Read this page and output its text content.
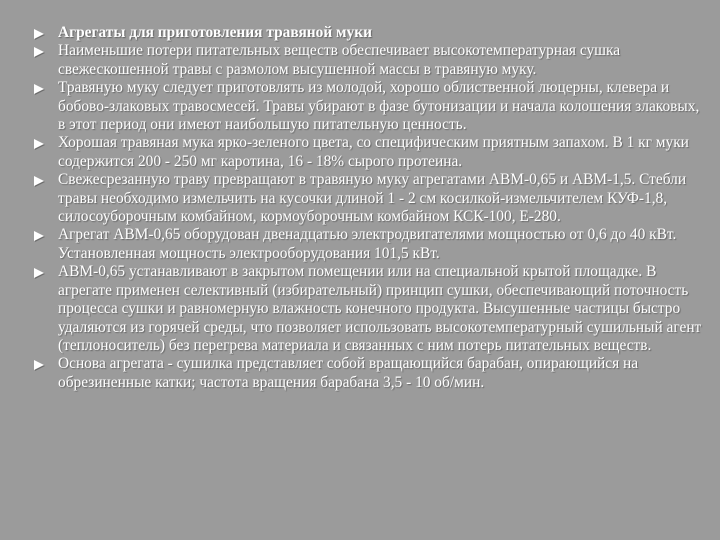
Агрегаты для приготовления травяной муки
Наименьшие потери питательных веществ обеспечивает высокотемпературная сушка свежескошенной травы с размолом высушенной массы в травяную муку.
Травяную муку следует приготовлять из молодой, хорошо облиственной люцерны, клевера и бобово-злаковых травосмесей. Травы убирают в фазе бутонизации и начала колошения злаковых, в этот период они имеют наибольшую питательную ценность.
Хорошая травяная мука ярко-зеленого цвета, со специфическим приятным запахом. В 1 кг муки содержится 200 - 250 мг каротина, 16 - 18% сырого протеина.
Свежесрезанную траву превращают в травяную муку агрегатами АВМ-0,65 и АВМ-1,5. Стебли травы необходимо измельчить на кусочки длиной 1 - 2 см косилкой-измельчителем КУФ-1,8, силосоуборочным комбайном, кормоуборочным комбайном КСК-100, Е-280.
Агрегат АВМ-0,65 оборудован двенадцатью электродвигателями мощностью от 0,6 до 40 кВт. Установленная мощность электрооборудования 101,5 кВт.
АВМ-0,65 устанавливают в закрытом помещении или на специальной крытой площадке. В агрегате применен селективный (избирательный) принцип сушки, обеспечивающий поточность процесса сушки и равномерную влажность конечного продукта. Высушенные частицы быстро удаляются из горячей среды, что позволяет использовать высокотемпературный сушильный агент (теплоноситель) без перегрева материала и связанных с ним потерь питательных веществ.
Основа агрегата - сушилка представляет собой вращающийся барабан, опирающийся на обрезиненные катки; частота вращения барабана 3,5 - 10 об/мин.
